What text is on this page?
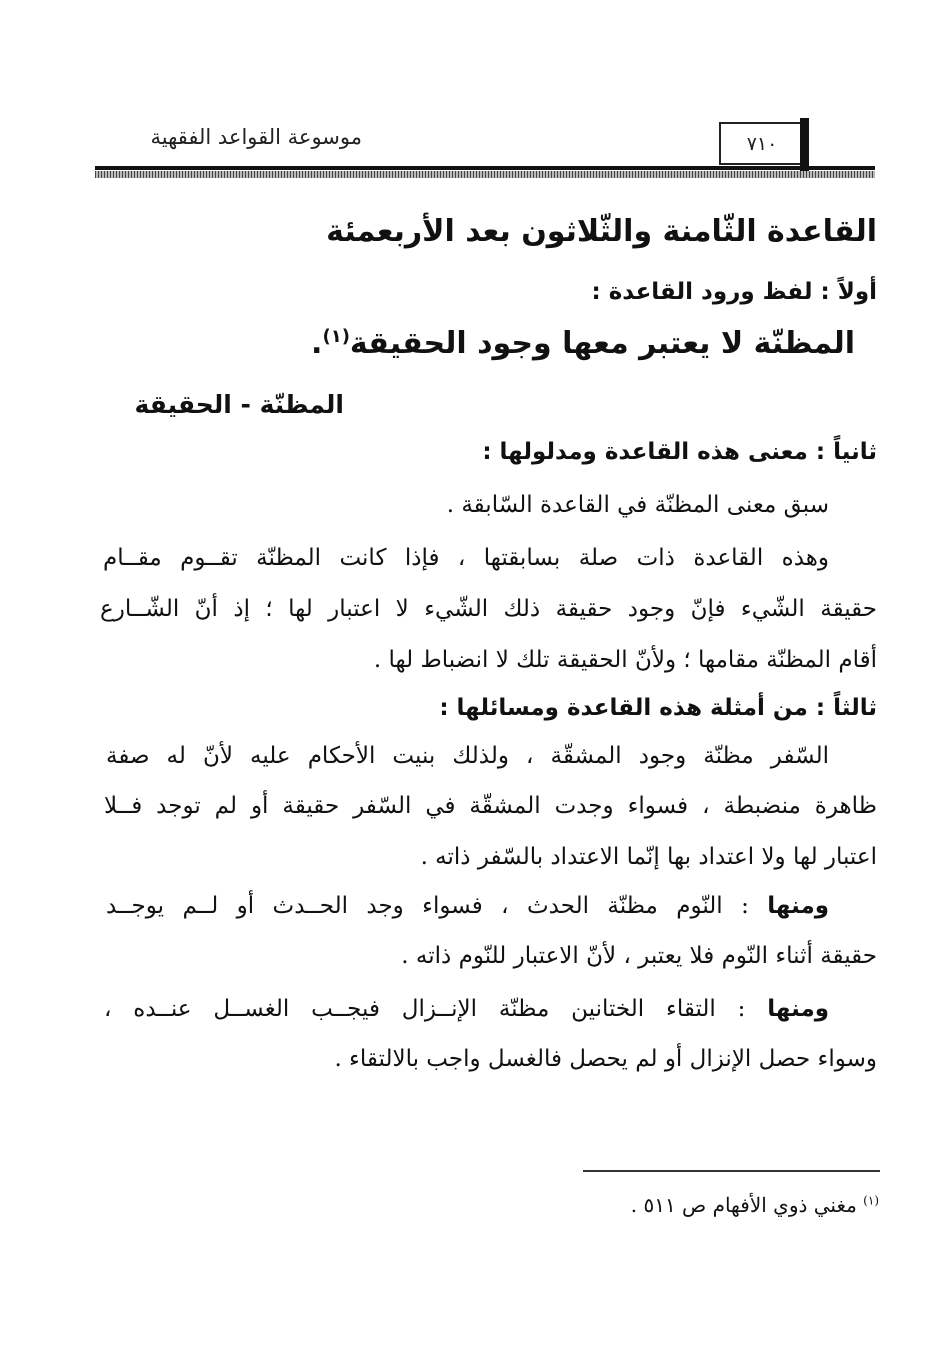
موسوعة القواعد الفقهية	٧١٠
القاعدة الثّامنة والثّلاثون بعد الأربعمئة
أولاً : لفظ ورود القاعدة :
المظنّة لا يعتبر معها وجود الحقيقة$^{(١)}$.
المظنّة - الحقيقة
ثانياً : معنى هذه القاعدة ومدلولها :
سبق معنى المظنّة في القاعدة السّابقة .
وهذه القاعدة ذات صلة بسابقتها ، فإذا كانت المظنّة تقــوم مقــام
حقيقة الشّيء فإنّ وجود حقيقة ذلك الشّيء لا اعتبار لها ؛ إذ أنّ الشّــارع
أقام المظنّة مقامها ؛ ولأنّ الحقيقة تلك لا انضباط لها .
ثالثاً : من أمثلة هذه القاعدة ومسائلها :
السّفر مظنّة وجود المشقّة ، ولذلك بنيت الأحكام عليه لأنّ له صفة
ظاهرة منضبطة ، فسواء وجدت المشقّة في السّفر حقيقة أو لم توجد فــلا
اعتبار لها ولا اعتداد بها إنّما الاعتداد بالسّفر ذاته .
ومنها : النّوم مظنّة الحدث ، فسواء وجد الحــدث أو لــم يوجــد
حقيقة أثناء النّوم فلا يعتبر ، لأنّ الاعتبار للنّوم ذاته .
ومنها : التقاء الختانين مظنّة الإنــزال فيجــب الغســل عنــده ،
وسواء حصل الإنزال أو لم يحصل فالغسل واجب بالالتقاء .
$^{(١)}$ مغني ذوي الأفهام ص ٥١١ .
